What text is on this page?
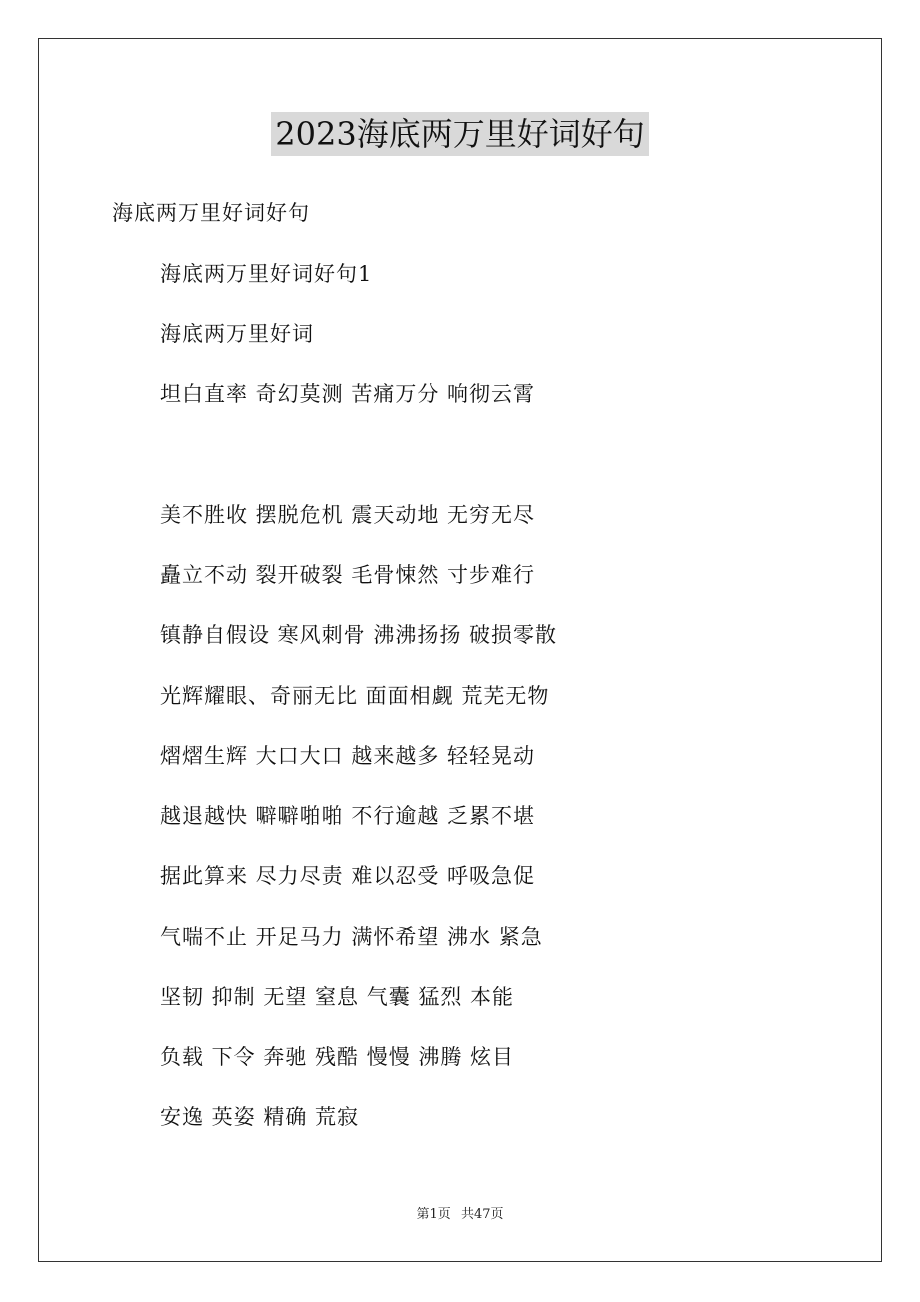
2023海底两万里好词好句
海底两万里好词好句
海底两万里好词好句1
海底两万里好词
坦白直率 奇幻莫测 苦痛万分 响彻云霄
美不胜收 摆脱危机 震天动地 无穷无尽
矗立不动 裂开破裂 毛骨悚然 寸步难行
镇静自假设 寒风刺骨 沸沸扬扬 破损零散
光辉耀眼、奇丽无比 面面相觑 荒芜无物
熠熠生辉 大口大口 越来越多 轻轻晃动
越退越快 噼噼啪啪 不行逾越 乏累不堪
据此算来 尽力尽责 难以忍受 呼吸急促
气喘不止 开足马力 满怀希望 沸水 紧急
坚韧 抑制 无望 窒息 气囊 猛烈 本能
负载 下令 奔驰 残酷 慢慢 沸腾 炫目
安逸 英姿 精确 荒寂
第1页 共47页
